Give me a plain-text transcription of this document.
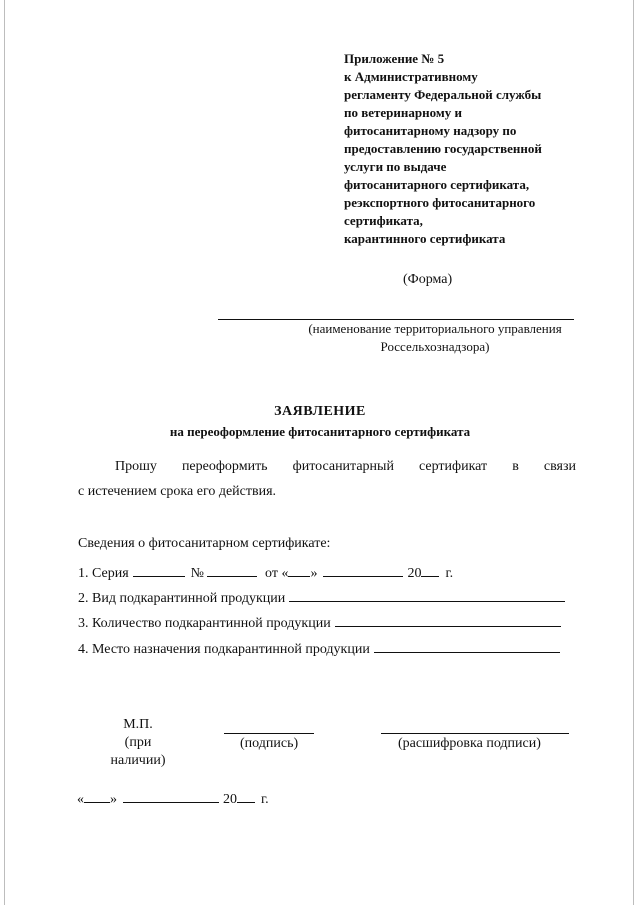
Приложение № 5
к Административному
регламенту Федеральной службы
по ветеринарному и
фитосанитарному надзору по
предоставлению государственной
услуги по выдаче
фитосанитарного сертификата,
реэкспортного фитосанитарного
сертификата,
карантинного сертификата
(Форма)
(наименование территориального управления
Россельхознадзора)
ЗАЯВЛЕНИЕ
на переоформление фитосанитарного сертификата
Прошу переоформить фитосанитарный сертификат в связи
с истечением срока его действия.
Сведения о фитосанитарном сертификате:
1. Серия	№	от « »	20 г.
2. Вид подкарантинной продукции
3. Количество подкарантинной продукции
4. Место назначения подкарантинной продукции
М.П.
(при наличии)
(подпись)	(расшифровка подписи)
« »	20 г.
